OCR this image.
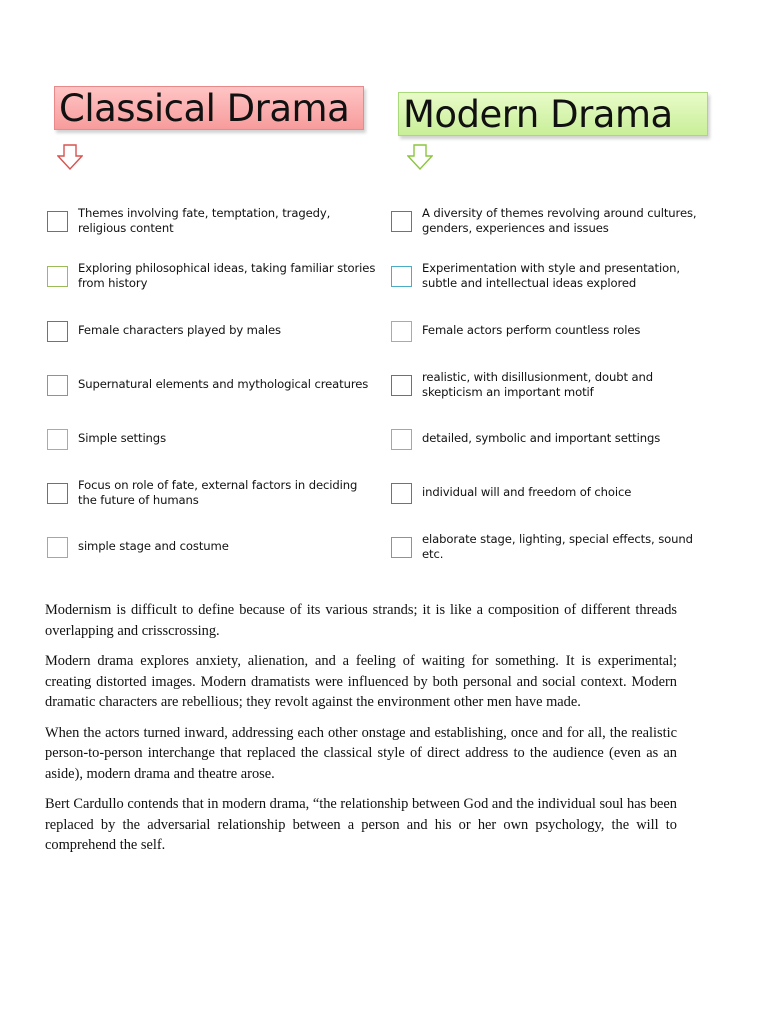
Classical Drama	Modern Drama
Themes involving fate, temptation, tragedy, religious content
Exploring philosophical ideas, taking familiar stories from history
Female characters played by males
Supernatural elements and mythological creatures
Simple settings
Focus on role of fate, external factors in deciding the future of humans
simple stage and costume
A diversity of themes revolving around cultures, genders, experiences and issues
Experimentation with style and presentation, subtle and intellectual ideas explored
Female actors perform countless roles
realistic, with disillusionment, doubt and skepticism an important motif
detailed, symbolic and important settings
individual will and freedom of choice
elaborate stage, lighting, special effects, sound etc.

Modernism is difficult to define because of its various strands; it is like a composition of different threads overlapping and crisscrossing.

Modern drama explores anxiety, alienation, and a feeling of waiting for something. It is experimental; creating distorted images. Modern dramatists were influenced by both personal and social context. Modern dramatic characters are rebellious; they revolt against the environment other men have made.

When the actors turned inward, addressing each other onstage and establishing, once and for all, the realistic person-to-person interchange that replaced the classical style of direct address to the audience (even as an aside), modern drama and theatre arose.

Bert Cardullo contends that in modern drama, “the relationship between God and the individual soul has been replaced by the adversarial relationship between a person and his or her own psychology, the will to comprehend the self.
